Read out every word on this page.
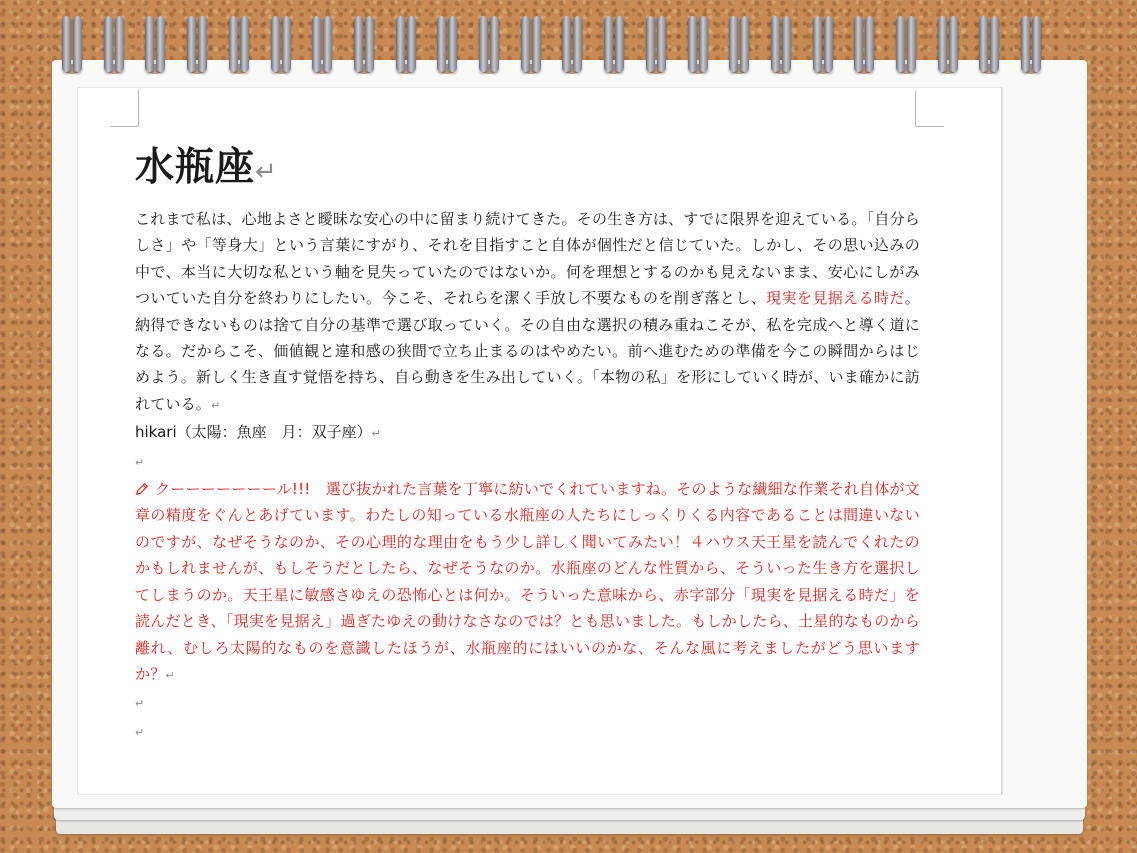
水瓶座↵

これまで私は、心地よさと曖昧な安心の中に留まり続けてきた。その生き方は、すでに限界を迎えている。「自分らしさ」や「等身大」という言葉にすがり、それを目指すこと自体が個性だと信じていた。しかし、その思い込みの中で、本当に大切な私という軸を見失っていたのではないか。何を理想とするのかも見えないまま、安心にしがみついていた自分を終わりにしたい。今こそ、それらを潔く手放し不要なものを削ぎ落とし、現実を見据える時だ。納得できないものは捨て自分の基準で選び取っていく。その自由な選択の積み重ねこそが、私を完成へと導く道になる。だからこそ、価値観と違和感の狭間で立ち止まるのはやめたい。前へ進むための準備を今この瞬間からはじめよう。新しく生き直す覚悟を持ち、自ら動きを生み出していく。「本物の私」を形にしていく時が、いま確かに訪れている。↵

hikari（太陽：魚座　月：双子座）↵
↵
クーーーーーーール!!!　選び抜かれた言葉を丁寧に紡いでくれていますね。そのような繊細な作業それ自体が文章の精度をぐんとあげています。わたしの知っている水瓶座の人たちにしっくりくる内容であることは間違いないのですが、なぜそうなのか、その心理的な理由をもう少し詳しく聞いてみたい！４ハウス天王星を読んでくれたのかもしれませんが、もしそうだとしたら、なぜそうなのか。水瓶座のどんな性質から、そういった生き方を選択してしまうのか。天王星に敏感さゆえの恐怖心とは何か。そういった意味から、赤字部分「現実を見据える時だ」を読んだとき、「現実を見据え」過ぎたゆえの動けなさなのでは？とも思いました。もしかしたら、土星的なものから離れ、むしろ太陽的なものを意識したほうが、水瓶座的にはいいのかな、そんな風に考えましたがどう思いますか？↵
↵
↵
